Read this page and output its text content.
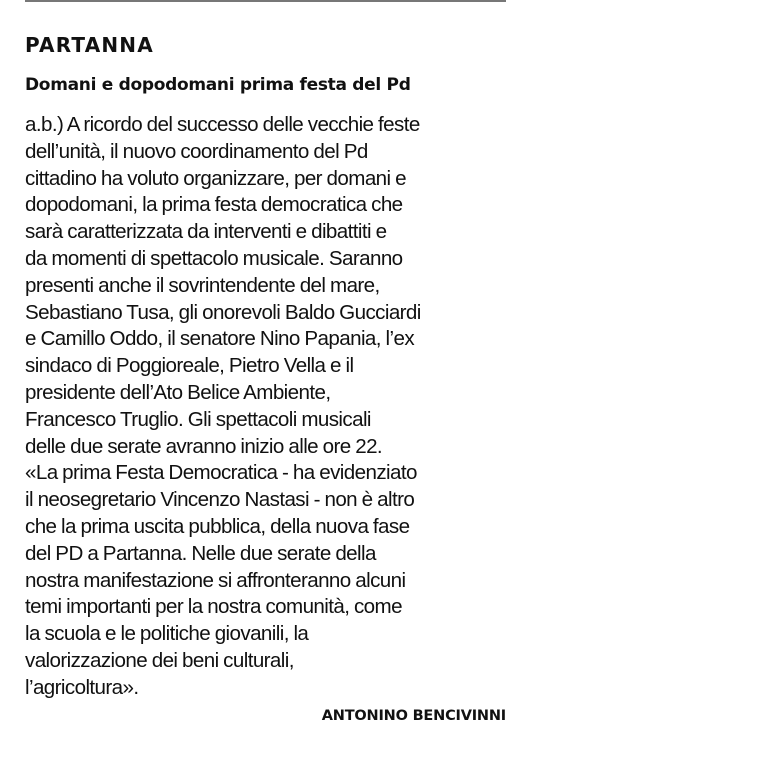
PARTANNA
Domani e dopodomani prima festa del Pd
a.b.) A ricordo del successo delle vecchie feste
dell’unità, il nuovo coordinamento del Pd
cittadino ha voluto organizzare, per domani e
dopodomani, la prima festa democratica che
sarà caratterizzata da interventi e dibattiti e
da momenti di spettacolo musicale. Saranno
presenti anche il sovrintendente del mare,
Sebastiano Tusa, gli onorevoli Baldo Gucciardi
e Camillo Oddo, il senatore Nino Papania, l’ex
sindaco di Poggioreale, Pietro Vella e il
presidente dell’Ato Belice Ambiente,
Francesco Truglio. Gli spettacoli musicali
delle due serate avranno inizio alle ore 22.
«La prima Festa Democratica - ha evidenziato
il neosegretario Vincenzo Nastasi - non è altro
che la prima uscita pubblica, della nuova fase
del PD a Partanna. Nelle due serate della
nostra manifestazione si affronteranno alcuni
temi importanti per la nostra comunità, come
la scuola e le politiche giovanili, la
valorizzazione dei beni culturali,
l’agricoltura».
ANTONINO BENCIVINNI
